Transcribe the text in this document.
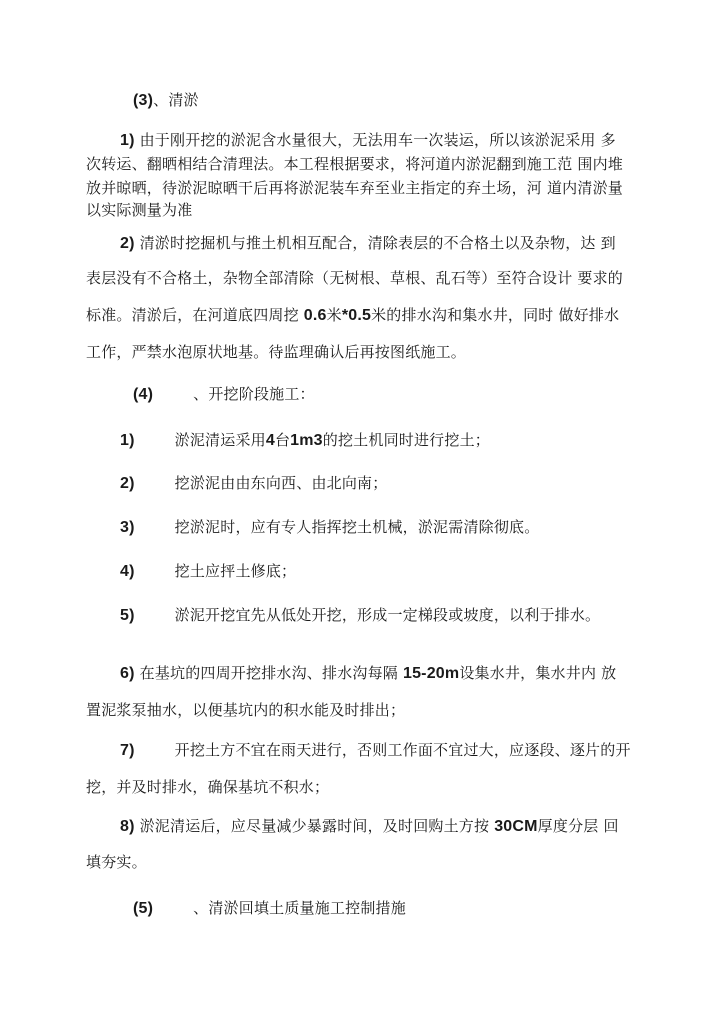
(3)、清淤
1) 由于刚开挖的淤泥含水量很大，无法用车一次装运，所以该淤泥采用 多
次转运、翻晒相结合清理法。本工程根据要求，将河道内淤泥翻到施工范 围内堆
放并晾晒，待淤泥晾晒干后再将淤泥装车弃至业主指定的弃土场，河 道内清淤量
以实际测量为准
2) 清淤时挖掘机与推土机相互配合，清除表层的不合格土以及杂物，达 到
表层没有不合格土，杂物全部清除（无树根、草根、乱石等）至符合设计 要求的
标准。清淤后，在河道底四周挖 0.6米*0.5米的排水沟和集水井，同时 做好排水
工作，严禁水泡原状地基。待监理确认后再按图纸施工。
(4)	、开挖阶段施工：
1)	淤泥清运采用4台1m3的挖土机同时进行挖土；
2)	挖淤泥由由东向西、由北向南；
3)	挖淤泥时，应有专人指挥挖土机械，淤泥需清除彻底。
4)	挖土应抨土修底；
5)	淤泥开挖宜先从低处开挖，形成一定梯段或坡度，以利于排水。
6) 在基坑的四周开挖排水沟、排水沟每隔 15-20m设集水井，集水井内 放
置泥浆泵抽水，以便基坑内的积水能及时排出；
7)	开挖土方不宜在雨天进行，否则工作面不宜过大，应逐段、逐片的开
挖，并及时排水，确保基坑不积水；
8) 淤泥清运后，应尽量减少暴露时间，及时回购土方按 30CM厚度分层 回
填夯实。
(5)	、清淤回填土质量施工控制措施
